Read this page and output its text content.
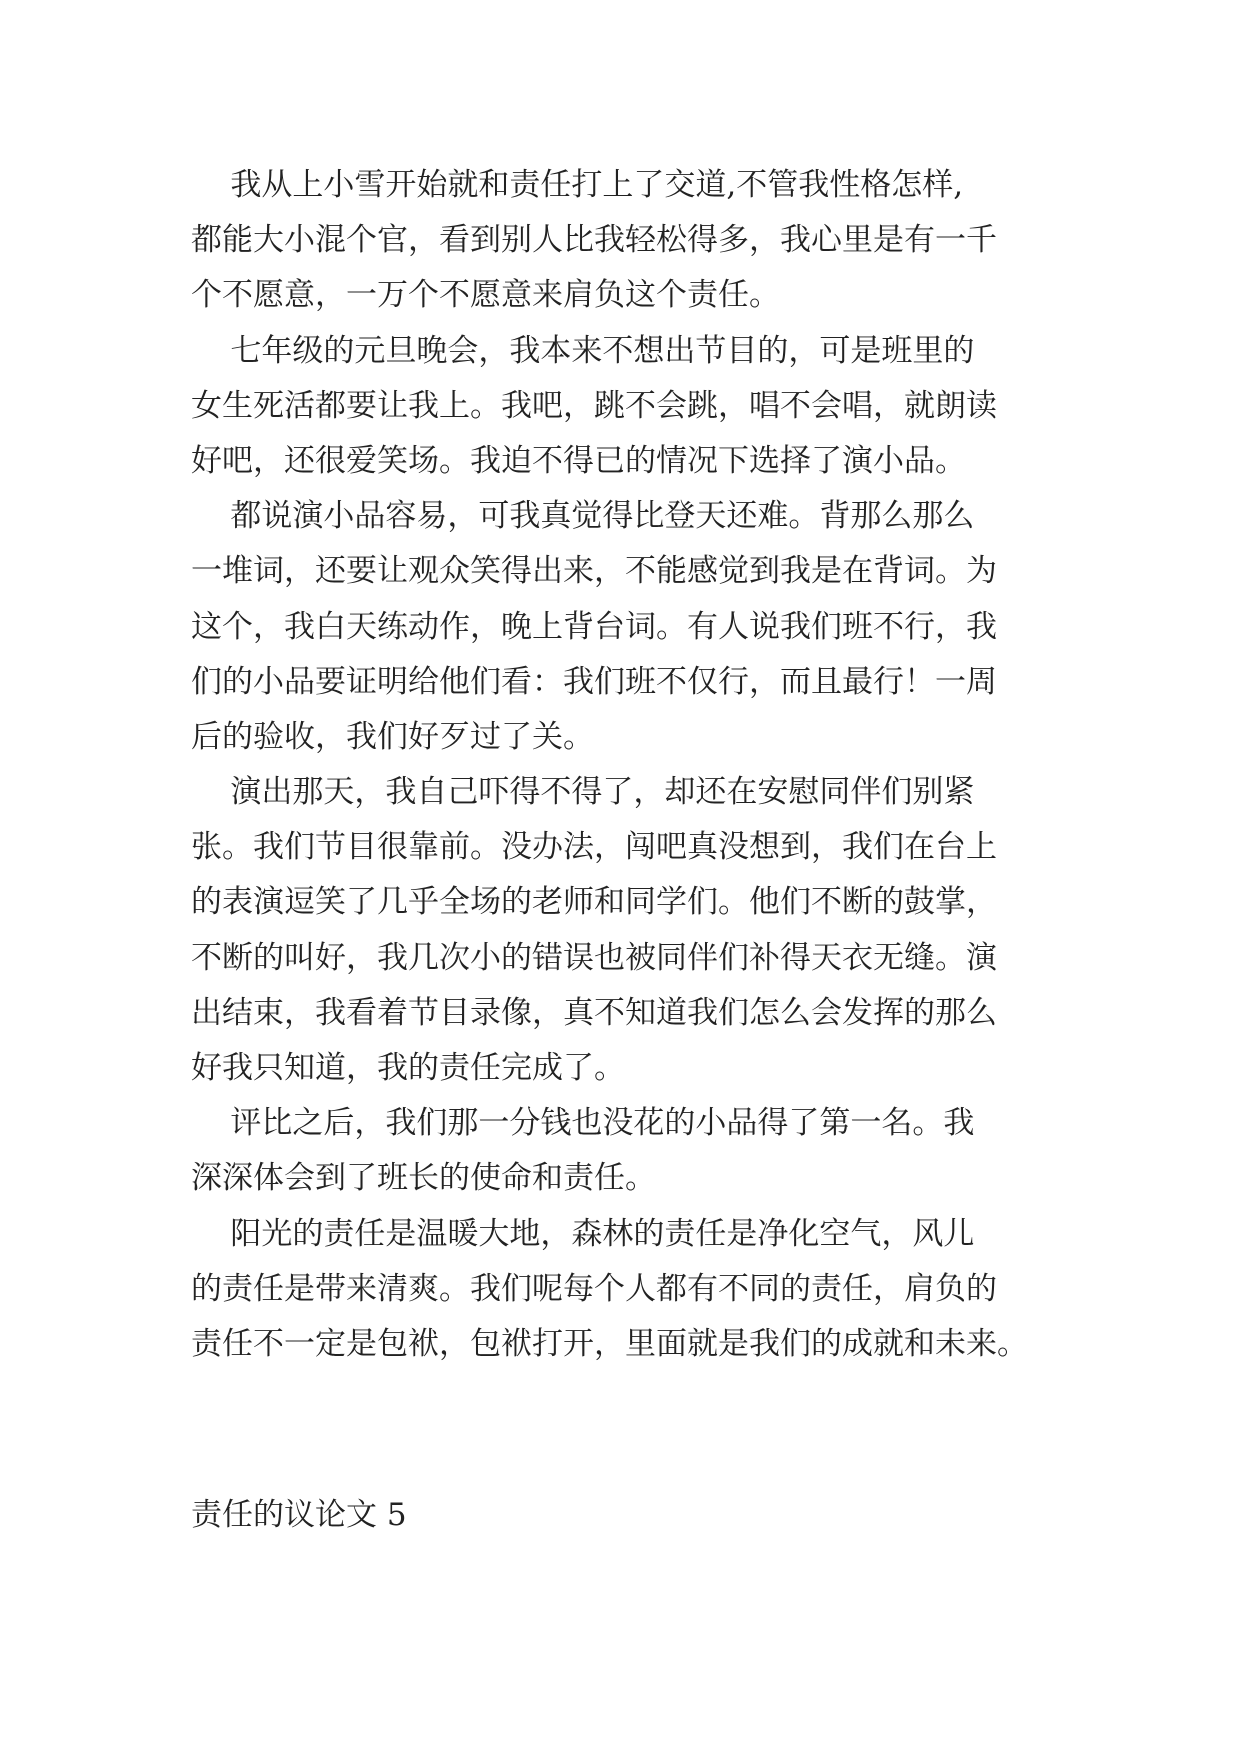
我从上小雪开始就和责任打上了交道,不管我性格怎样,
都能大小混个官，看到别人比我轻松得多，我心里是有一千
个不愿意，一万个不愿意来肩负这个责任。
七年级的元旦晚会，我本来不想出节目的，可是班里的
女生死活都要让我上。我吧，跳不会跳，唱不会唱，就朗读
好吧，还很爱笑场。我迫不得已的情况下选择了演小品。
都说演小品容易，可我真觉得比登天还难。背那么那么
一堆词，还要让观众笑得出来，不能感觉到我是在背词。为
这个，我白天练动作，晚上背台词。有人说我们班不行，我
们的小品要证明给他们看：我们班不仅行，而且最行！一周
后的验收，我们好歹过了关。
演出那天，我自己吓得不得了，却还在安慰同伴们别紧
张。我们节目很靠前。没办法，闯吧真没想到，我们在台上
的表演逗笑了几乎全场的老师和同学们。他们不断的鼓掌，
不断的叫好，我几次小的错误也被同伴们补得天衣无缝。演
出结束，我看着节目录像，真不知道我们怎么会发挥的那么
好我只知道，我的责任完成了。
评比之后，我们那一分钱也没花的小品得了第一名。我
深深体会到了班长的使命和责任。
阳光的责任是温暖大地，森林的责任是净化空气，风儿
的责任是带来清爽。我们呢每个人都有不同的责任，肩负的
责任不一定是包袱，包袱打开，里面就是我们的成就和未来。
责任的议论文 5
